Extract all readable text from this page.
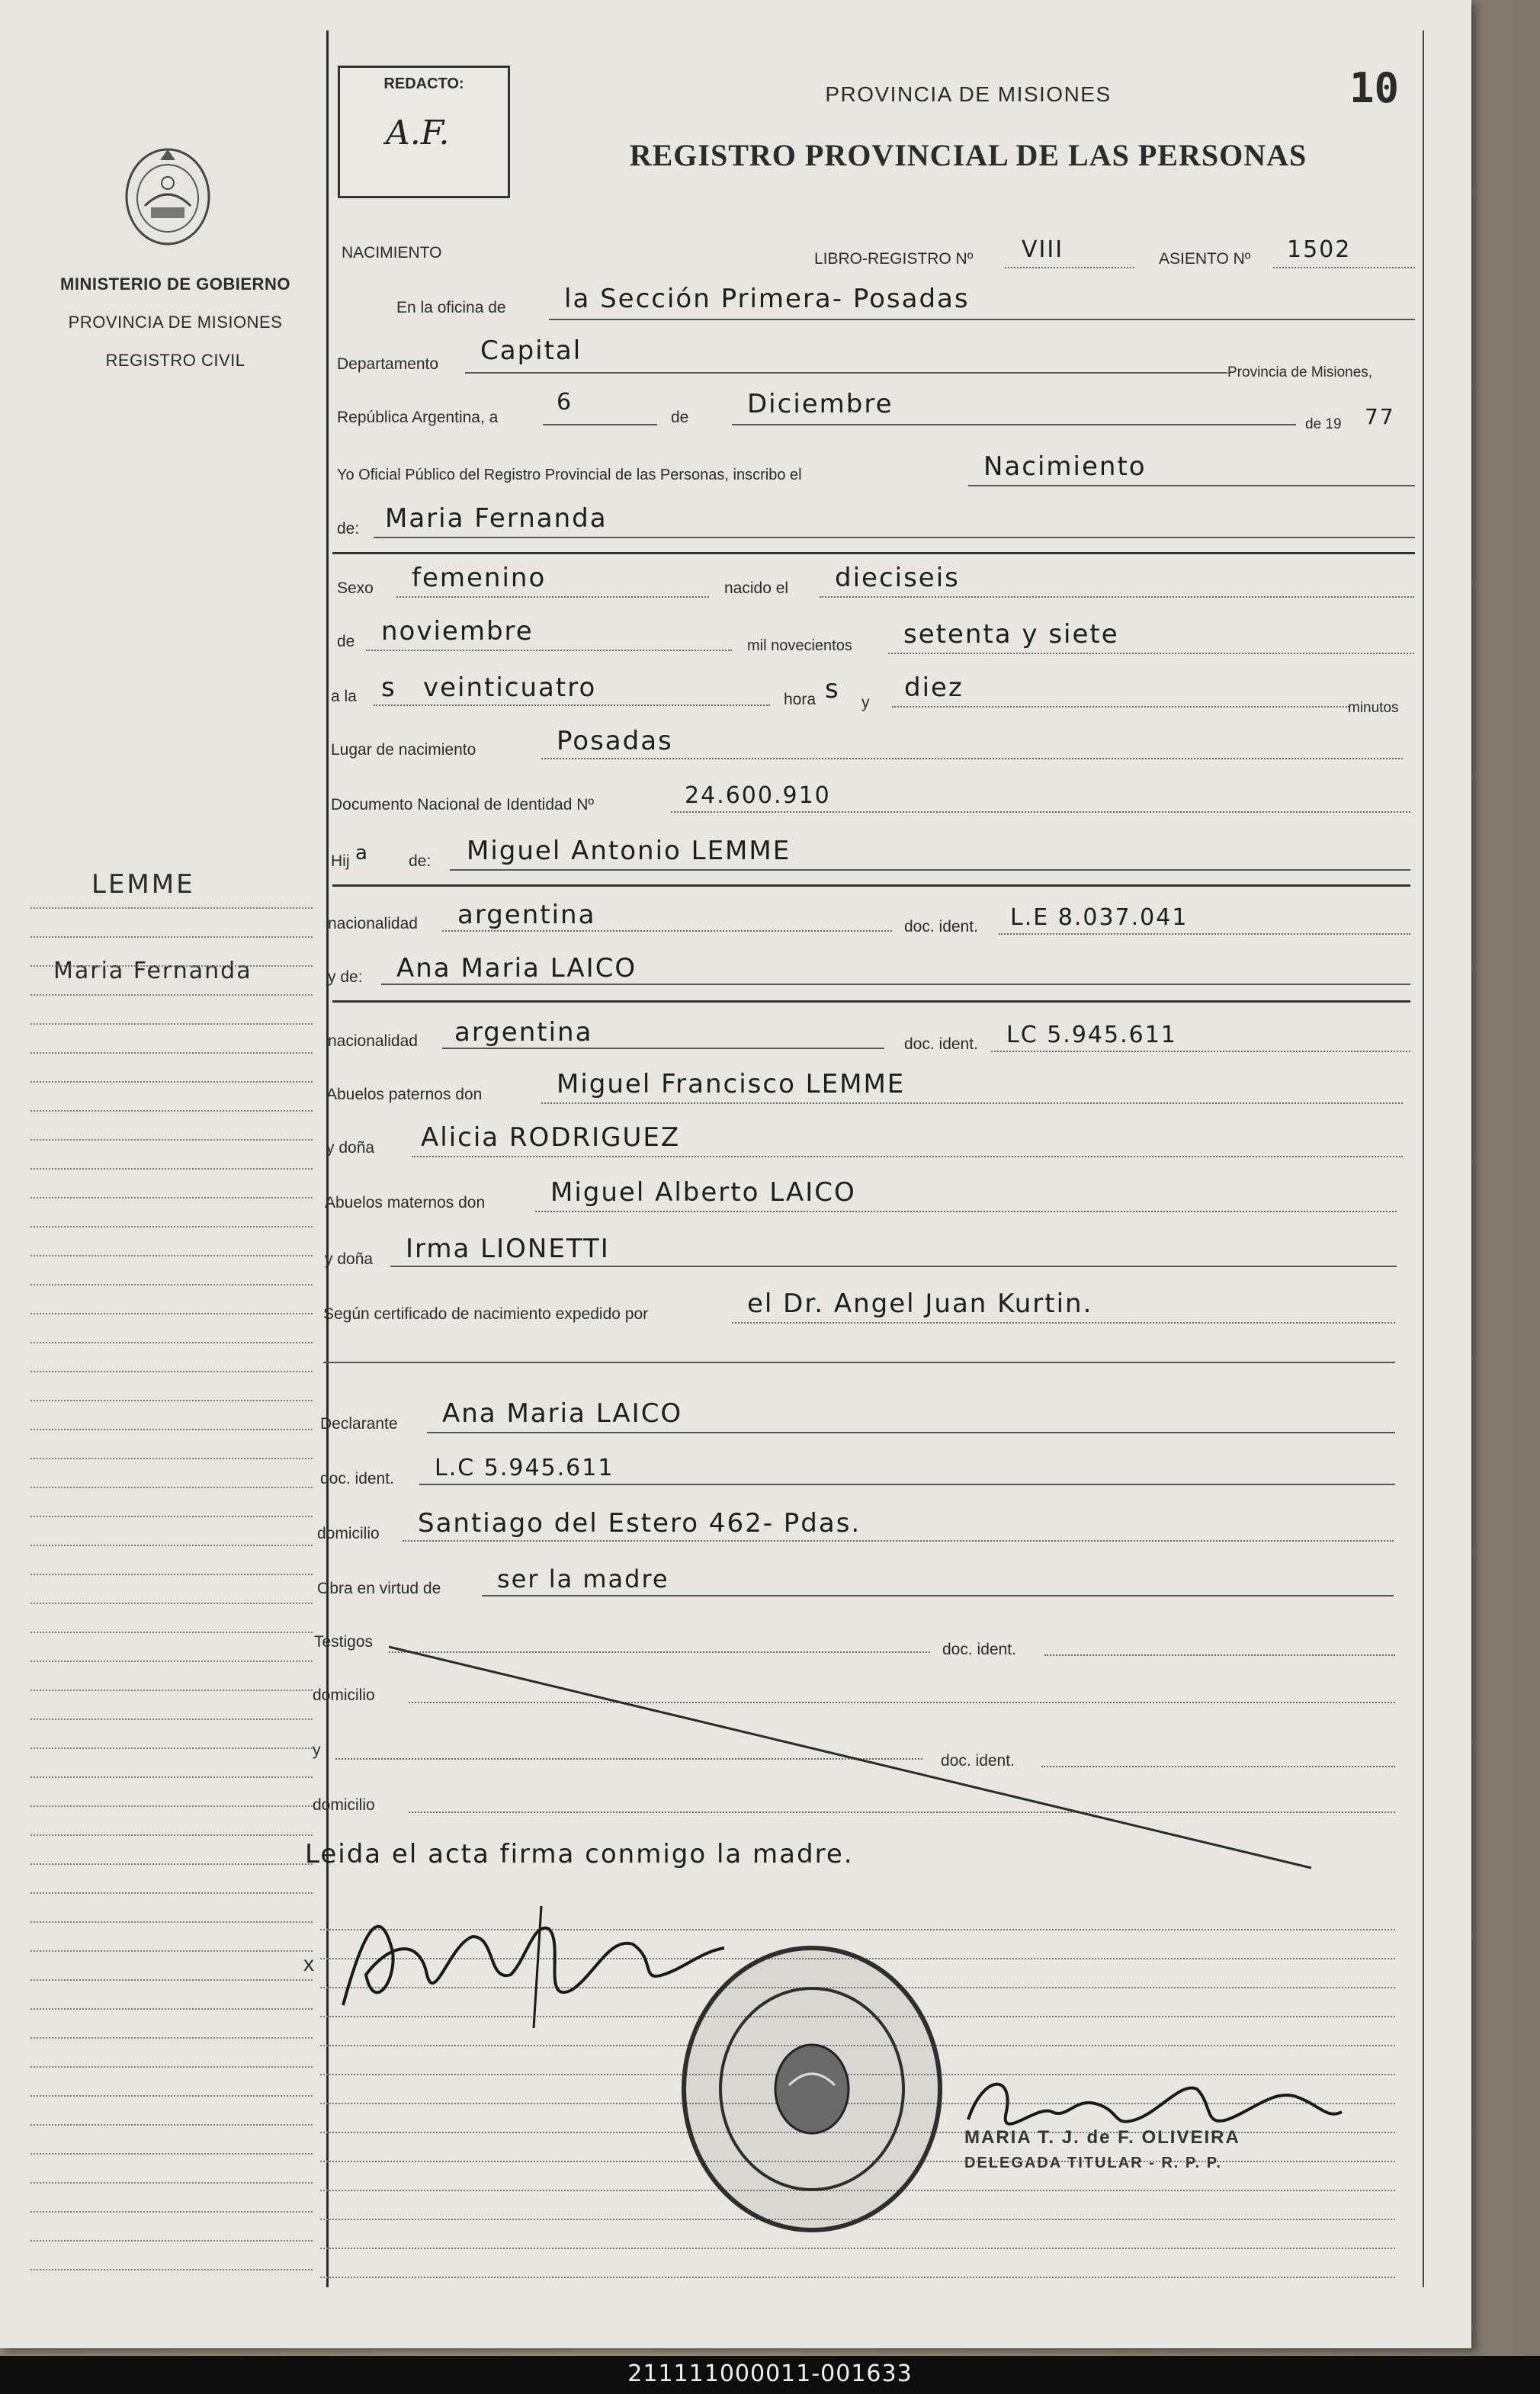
MINISTERIO DE GOBIERNO
PROVINCIA DE MISIONES
REGISTRO CIVIL
LEMME
Maria Fernanda
REDACTO:
A.F.
PROVINCIA DE MISIONES
REGISTRO PROVINCIAL DE LAS PERSONAS
10
NACIMIENTO	LIBRO-REGISTRO Nº VIII	ASIENTO Nº 1502
En la oficina de la Sección Primera- Posadas
Departamento Capital
Provincia de Misiones,
República Argentina, a
6
de Diciembre
de 19 77
Yo Oficial Público del Registro Provincial de las Personas, inscribo el	Nacimiento
de: Maria Fernanda
Sexo femenino	nacido el dieciseis
de noviembre	mil novecientos setenta y siete
a la s veinticuatro	hora s y diez
minutos
Lugar de nacimiento	Posadas
Documento Nacional de Identidad Nº	24.600.910
Hij a de: Miguel Antonio LEMME
nacionalidad argentina	doc. ident. L.E 8.037.041
y de: Ana Maria LAICO
nacionalidad argentina	doc. ident. LC 5.945.611
Abuelos paternos don	Miguel Francisco LEMME
y doña Alicia RODRIGUEZ
Abuelos maternos don	Miguel Alberto LAICO
y doña Irma LIONETTI
Según certificado de nacimiento expedido por	el Dr. Angel Juan Kurtin.
Declarante Ana Maria LAICO
doc. ident. L.C 5.945.611
domicilio Santiago del Estero 462- Pdas.
Obra en virtud de ser la madre
Testigos	doc. ident.
domicilio
y
doc. ident.
domicilio
Leida el acta firma conmigo la madre.
x
MARIA T. J. de F. OLIVEIRA
DELEGADA TITULAR - R. P. P.
211111000011-001633
